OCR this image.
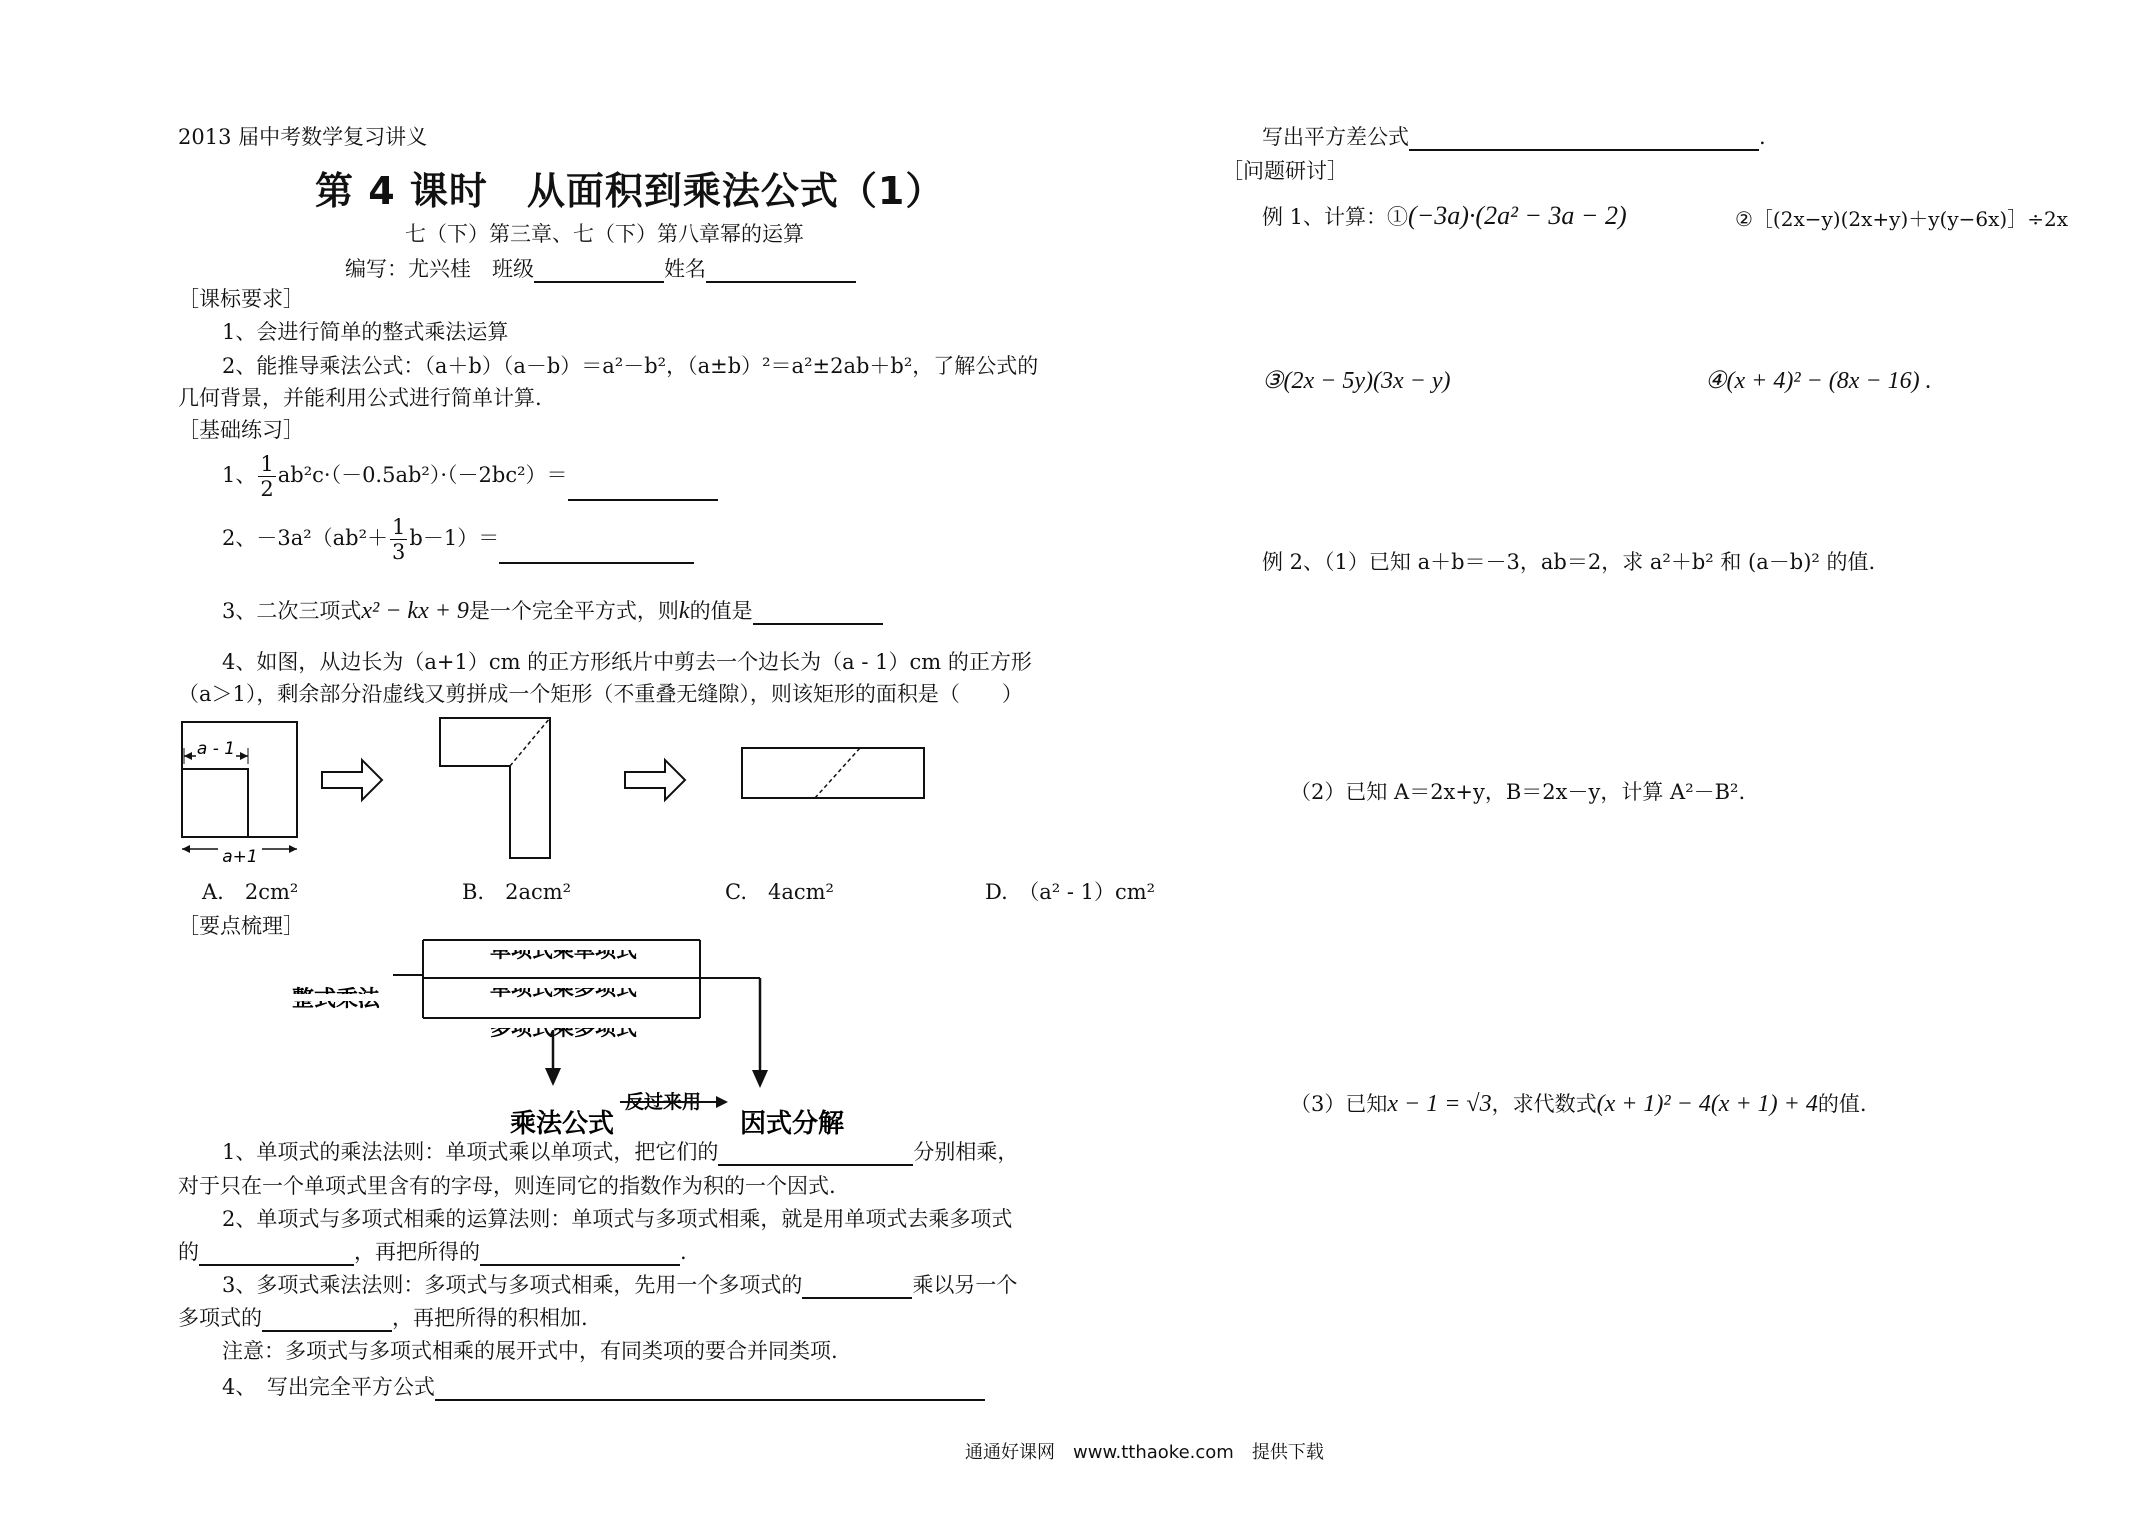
2013 届中考数学复习讲义
第 4 课时　从面积到乘法公式（1）
七（下）第三章、七（下）第八章幂的运算
编写：尤兴桂　班级	姓名
［课标要求］
1、会进行简单的整式乘法运算
2、能推导乘法公式：（a＋b）（a－b）＝a²－b²，（a±b）²＝a²±2ab＋b²，了解公式的
几何背景，并能利用公式进行简单计算.
［基础练习］
1、 $\frac{1}{2} ab^2c\cdot(-0.5ab^2)\cdot(-2bc^2)=$
2、$-3a^2(ab^2+ \frac{1}{3} b-1)=$
3、二次三项式x² − kx + 9是一个完全平方式，则k的值是
4、如图，从边长为（a+1）cm 的正方形纸片中剪去一个边长为（a - 1）cm 的正方形
（a＞1），剩余部分沿虚线又剪拼成一个矩形（不重叠无缝隙），则该矩形的面积是（　　）
a - 1
a+1
A.　2cm²	B.　2acm²	C.　4acm²	D.　（a² - 1）cm²
［要点梳理］
反过来用
乘法公式	因式分解
1、单项式的乘法法则：单项式乘以单项式，把它们的	分别相乘，
对于只在一个单项式里含有的字母，则连同它的指数作为积的一个因式.
2、单项式与多项式相乘的运算法则：单项式与多项式相乘，就是用单项式去乘多项式
的	，再把所得的	.
3、多项式乘法法则：多项式与多项式相乘，先用一个多项式的	乘以另一个
多项式的	，再把所得的积相加.
注意：多项式与多项式相乘的展开式中，有同类项的要合并同类项.
4、　写出完全平方公式
写出平方差公式	.
［问题研讨］
例 1、计算：①(−3a)·(2a² − 3a − 2)	②［(2x−y)(2x+y)＋y(y−6x)］÷2x
③(2x − 5y)(3x − y)	④(x + 4)² − (8x − 16) .
例 2、（1）已知 a＋b＝－3，ab＝2，求 a²＋b² 和 (a－b)² 的值.
（2）已知 A＝2x+y，B＝2x－y，计算 A²－B².
（3）已知x − 1 = √3，求代数式(x + 1)² − 4(x + 1) + 4的值.
通通好课网　www.tthaoke.com　提供下载
